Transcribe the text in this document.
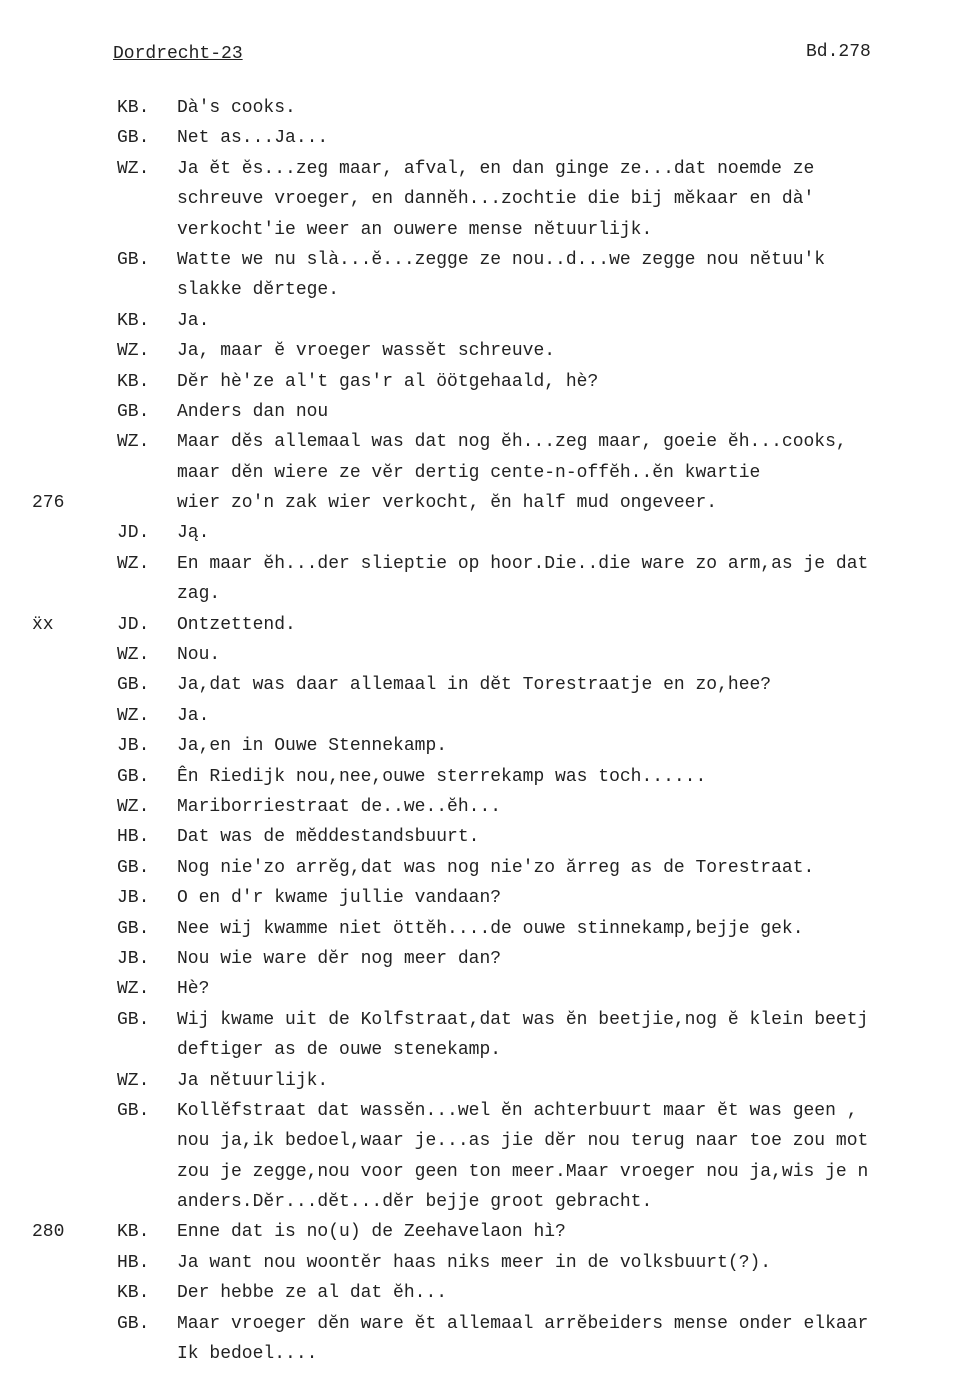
Dordrecht-23	Bd.278
KB.	Dà's cooks.
GB.	Net as...Ja...
WZ.	Ja ĕt ĕs...zeg maar, afval, en dan ginge ze...dat noemde ze
schreuve vroeger, en dannĕh...zochtie die bij mĕkaar en dà'
verkocht'ie weer an ouwere mense nĕtuurlijk.
GB.	Watte we nu slà...ĕ...zegge ze nou..d...we zegge nou nĕtuu'k
slakke dĕrtege.
KB.	Ja.
WZ.	Ja, maar ĕ vroeger wassĕt schreuve.
KB.	Dĕr hè'ze al't gas'r al öötgehaald, hè?
GB.	Anders dan nou
WZ.	Maar dĕs allemaal was dat nog ĕh...zeg maar, goeie ĕh...cooks,
maar dĕn wiere ze vĕr dertig cente-n-offĕh..ĕn kwartie
276	wier zo'n zak wier verkocht, ĕn half mud ongeveer.
JD.	Ją.
WZ.	En maar ĕh...der slieptie op hoor.Die..die ware zo arm,as je dat
zag.
ẍx	JD.	Ontzettend.
WZ.	Nou.
GB.	Ja,dat was daar allemaal in dĕt Torestraatje en zo,hee?
WZ.	Ja.
JB.	Ja,en in Ouwe Stennekamp.
GB.	Ên Riedijk nou,nee,ouwe sterrekamp was toch......
WZ.	Mariborriestraat de..we..ĕh...
HB.	Dat was de mĕddestandsbuurt.
GB.	Nog nie'zo arrĕg,dat was nog nie'zo ărreg as de Torestraat.
JB.	O en d'r kwame jullie vandaan?
GB.	Nee wij kwamme niet öttĕh....de ouwe stinnekamp,bejje gek.
JB.	Nou wie ware dĕr nog meer dan?
WZ.	Hè?
GB.	Wij kwame uit de Kolfstraat,dat was ĕn beetjie,nog ĕ klein beetj
deftiger as de ouwe stenekamp.
WZ.	Ja nĕtuurlijk.
GB.	Kollĕfstraat dat wassĕn...wel ĕn achterbuurt maar ĕt was geen ,
nou ja,ik bedoel,waar je...as jie dĕr nou terug naar toe zou mot
zou je zegge,nou voor geen ton meer.Maar vroeger nou ja,wis je n
anders.Dĕr...dĕt...dĕr bejje groot gebracht.
280	KB.	Enne dat is no(u) de Zeehavelaon hì?
HB.	Ja want nou woontĕr haas niks meer in de volksbuurt(?).
KB.	Der hebbe ze al dat ĕh...
GB.	Maar vroeger dĕn ware ĕt allemaal arrĕbeiders mense onder elkaar
Ik bedoel....
